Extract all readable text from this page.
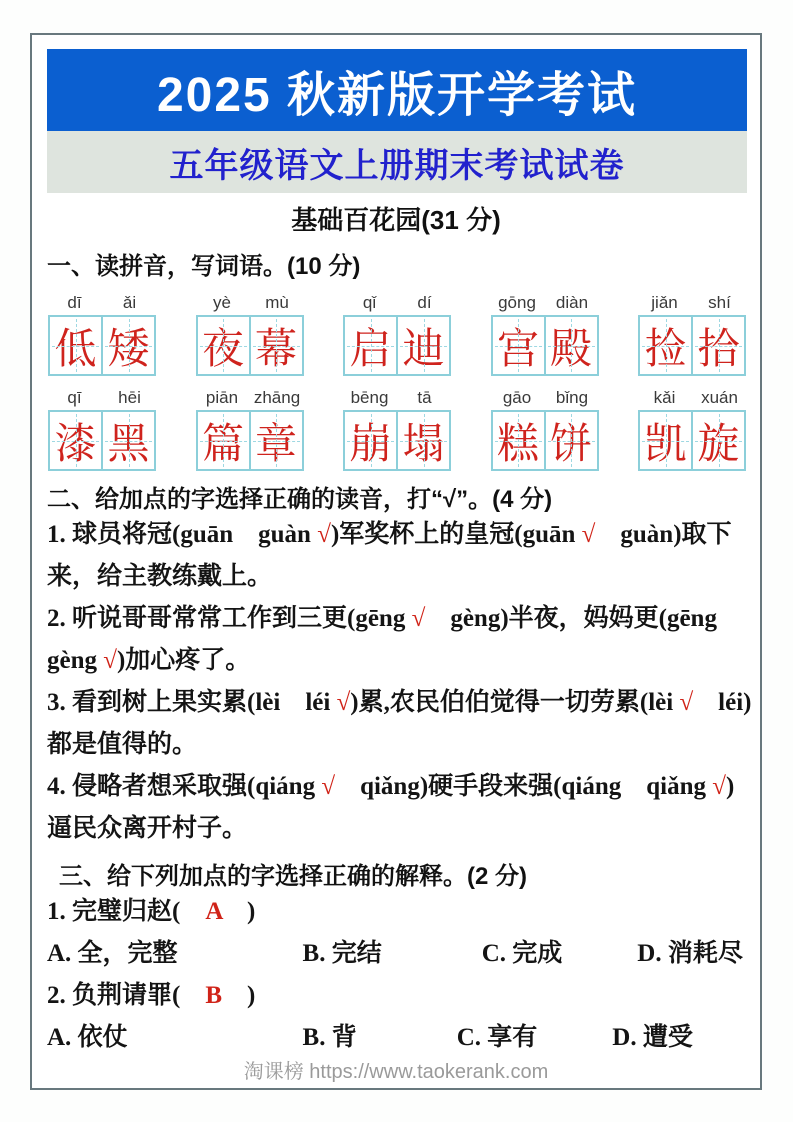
2025 秋新版开学考试
五年级语文上册期末考试试卷
基础百花园(31 分)
一、读拼音，写词语。(10 分)
dī	ǎi
低 矮
yè	mù
夜 幕
qǐ	dí
启 迪
gōng	diàn
宫 殿
jiǎn	shí
捡 拾
qī	hēi
漆 黑
piān zhāng
篇 章
bēng	tā
崩 塌
gāo	bǐng
糕 饼
kǎi	xuán
凯 旋
二、给加点的字选择正确的读音，打“√”。(4 分)

1. 球员将冠(guān　guàn √)军奖杯上的皇冠(guān √　guàn)取下来，给主教练戴上。

2. 听说哥哥常常工作到三更(gēng √　gèng)半夜，妈妈更(gēng gèng √)加心疼了。

3. 看到树上果实累(lèi　léi √)累,农民伯伯觉得一切劳累(lèi √　léi)都是值得的。

4. 侵略者想采取强(qiáng √　qiǎng)硬手段来强(qiáng　qiǎng √)逼民众离开村子。

三、给下列加点的字选择正确的解释。(2 分)

1. 完璧归赵(　A　)

A. 全，完整　　　　　B. 完结　　　　C. 完成　　　D. 消耗尽

2. 负荆请罪(　B　)

A. 依仗　　　　　　　B. 背　　　　C. 享有　　　D. 遭受

淘课榜 https://www.taokerank.com
